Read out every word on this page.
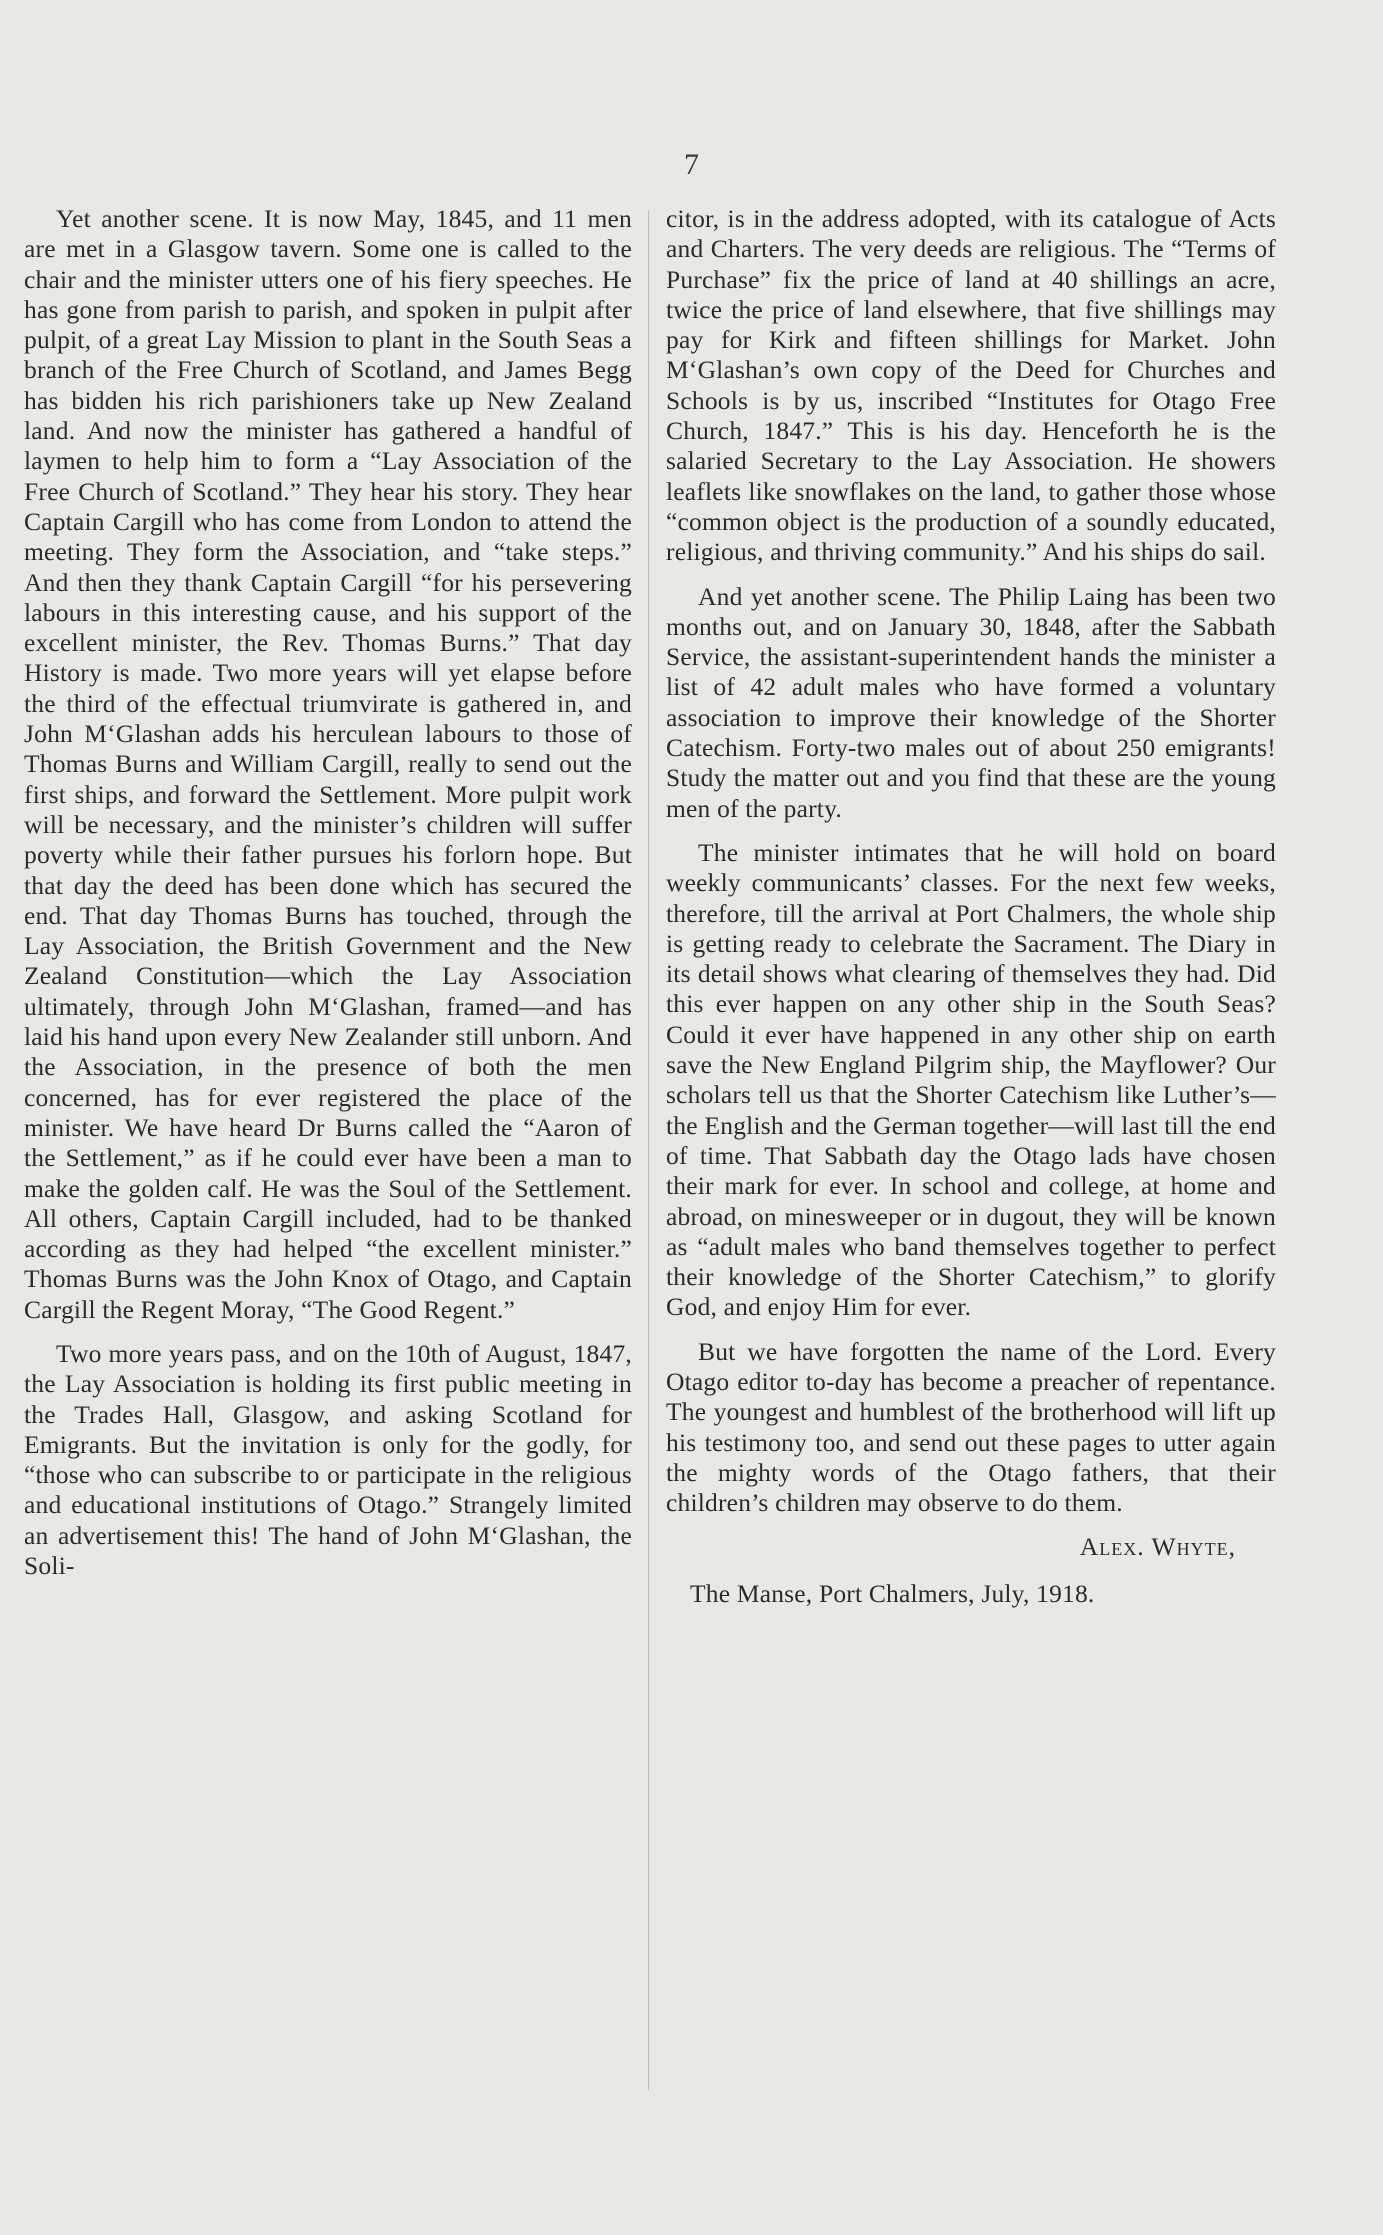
7

Yet another scene. It is now May, 1845, and 11 men are met in a Glasgow tavern. Some one is called to the chair and the minister utters one of his fiery speeches. He has gone from parish to parish, and spoken in pulpit after pulpit, of a great Lay Mission to plant in the South Seas a branch of the Free Church of Scotland, and James Begg has bidden his rich parishioners take up New Zealand land. And now the minister has gathered a handful of laymen to help him to form a “Lay Association of the Free Church of Scotland.” They hear his story. They hear Captain Cargill who has come from London to attend the meeting. They form the Association, and “take steps.” And then they thank Captain Cargill “for his persevering labours in this interesting cause, and his support of the excellent minister, the Rev. Thomas Burns.” That day History is made. Two more years will yet elapse before the third of the effectual triumvirate is gathered in, and John M‘Glashan adds his herculean labours to those of Thomas Burns and William Cargill, really to send out the first ships, and forward the Settlement. More pulpit work will be necessary, and the minister’s children will suffer poverty while their father pursues his forlorn hope. But that day the deed has been done which has secured the end. That day Thomas Burns has touched, through the Lay Association, the British Government and the New Zealand Constitution—which the Lay Association ultimately, through John M‘Glashan, framed—and has laid his hand upon every New Zealander still unborn. And the Association, in the presence of both the men concerned, has for ever registered the place of the minister. We have heard Dr Burns called the “Aaron of the Settlement,” as if he could ever have been a man to make the golden calf. He was the Soul of the Settlement. All others, Captain Cargill included, had to be thanked according as they had helped “the excellent minister.” Thomas Burns was the John Knox of Otago, and Captain Cargill the Regent Moray, “The Good Regent.”

Two more years pass, and on the 10th of August, 1847, the Lay Association is holding its first public meeting in the Trades Hall, Glasgow, and asking Scotland for Emigrants. But the invitation is only for the godly, for “those who can subscribe to or participate in the religious and educational institutions of Otago.” Strangely limited an advertisement this! The hand of John M‘Glashan, the Soli-

citor, is in the address adopted, with its catalogue of Acts and Charters. The very deeds are religious. The “Terms of Purchase” fix the price of land at 40 shillings an acre, twice the price of land elsewhere, that five shillings may pay for Kirk and fifteen shillings for Market. John M‘Glashan’s own copy of the Deed for Churches and Schools is by us, inscribed “Institutes for Otago Free Church, 1847.” This is his day. Henceforth he is the salaried Secretary to the Lay Association. He showers leaflets like snowflakes on the land, to gather those whose “common object is the production of a soundly educated, religious, and thriving community.” And his ships do sail.

And yet another scene. The Philip Laing has been two months out, and on January 30, 1848, after the Sabbath Service, the assistant-superintendent hands the minister a list of 42 adult males who have formed a voluntary association to improve their knowledge of the Shorter Catechism. Forty-two males out of about 250 emigrants! Study the matter out and you find that these are the young men of the party.

The minister intimates that he will hold on board weekly communicants’ classes. For the next few weeks, therefore, till the arrival at Port Chalmers, the whole ship is getting ready to celebrate the Sacrament. The Diary in its detail shows what clearing of themselves they had. Did this ever happen on any other ship in the South Seas? Could it ever have happened in any other ship on earth save the New England Pilgrim ship, the Mayflower? Our scholars tell us that the Shorter Catechism like Luther’s—the English and the German together—will last till the end of time. That Sabbath day the Otago lads have chosen their mark for ever. In school and college, at home and abroad, on minesweeper or in dugout, they will be known as “adult males who band themselves together to perfect their knowledge of the Shorter Catechism,” to glorify God, and enjoy Him for ever.

But we have forgotten the name of the Lord. Every Otago editor to-day has become a preacher of repentance. The youngest and humblest of the brotherhood will lift up his testimony too, and send out these pages to utter again the mighty words of the Otago fathers, that their children’s children may observe to do them.

Alex. Whyte,
The Manse, Port Chalmers, July, 1918.
